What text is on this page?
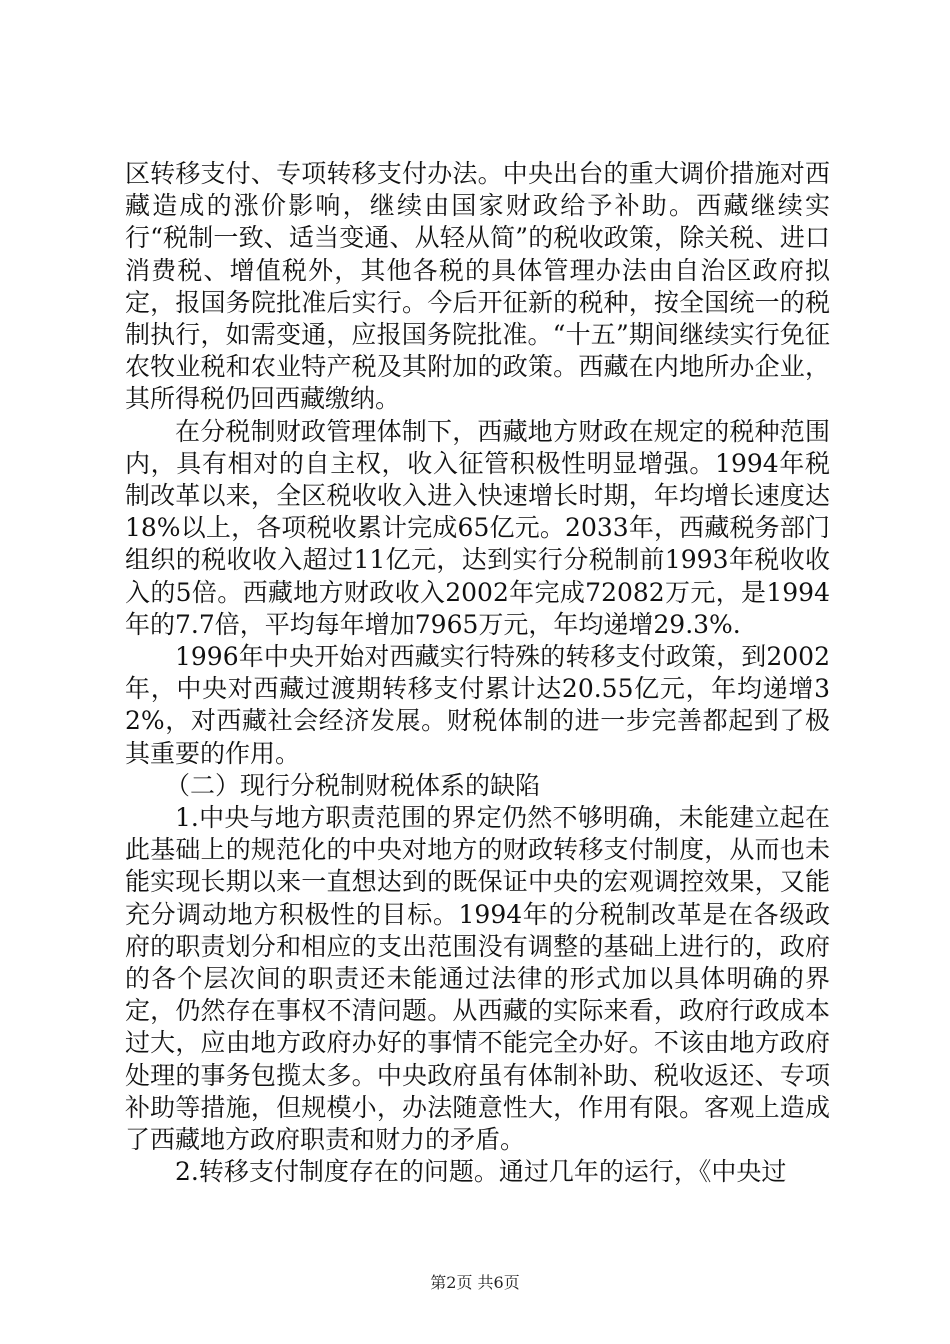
区转移支付、专项转移支付办法。中央出台的重大调价措施对西藏造成的涨价影响，继续由国家财政给予补助。西藏继续实行“税制一致、适当变通、从轻从简”的税收政策，除关税、进口消费税、增值税外，其他各税的具体管理办法由自治区政府拟定，报国务院批准后实行。今后开征新的税种，按全国统一的税制执行，如需变通，应报国务院批准。“十五”期间继续实行免征农牧业税和农业特产税及其附加的政策。西藏在内地所办企业，其所得税仍回西藏缴纳。

在分税制财政管理体制下，西藏地方财政在规定的税种范围内，具有相对的自主权，收入征管积极性明显增强。1994年税制改革以来，全区税收收入进入快速增长时期，年均增长速度达18%以上，各项税收累计完成65亿元。2033年，西藏税务部门组织的税收收入超过11亿元，达到实行分税制前1993年税收收入的5倍。西藏地方财政收入2002年完成72082万元，是1994年的7.7倍，平均每年增加7965万元，年均递增29.3%.

1996年中央开始对西藏实行特殊的转移支付政策，到2002年，中央对西藏过渡期转移支付累计达20.55亿元，年均递增32%，对西藏社会经济发展。财税体制的进一步完善都起到了极其重要的作用。

（二）现行分税制财税体系的缺陷

1.中央与地方职责范围的界定仍然不够明确，未能建立起在此基础上的规范化的中央对地方的财政转移支付制度，从而也未能实现长期以来一直想达到的既保证中央的宏观调控效果，又能充分调动地方积极性的目标。1994年的分税制改革是在各级政府的职责划分和相应的支出范围没有调整的基础上进行的，政府的各个层次间的职责还未能通过法律的形式加以具体明确的界定，仍然存在事权不清问题。从西藏的实际来看，政府行政成本过大，应由地方政府办好的事情不能完全办好。不该由地方政府处理的事务包揽太多。中央政府虽有体制补助、税收返还、专项补助等措施，但规模小，办法随意性大，作用有限。客观上造成了西藏地方政府职责和财力的矛盾。

2.转移支付制度存在的问题。通过几年的运行，《中央过

第2页 共6页
